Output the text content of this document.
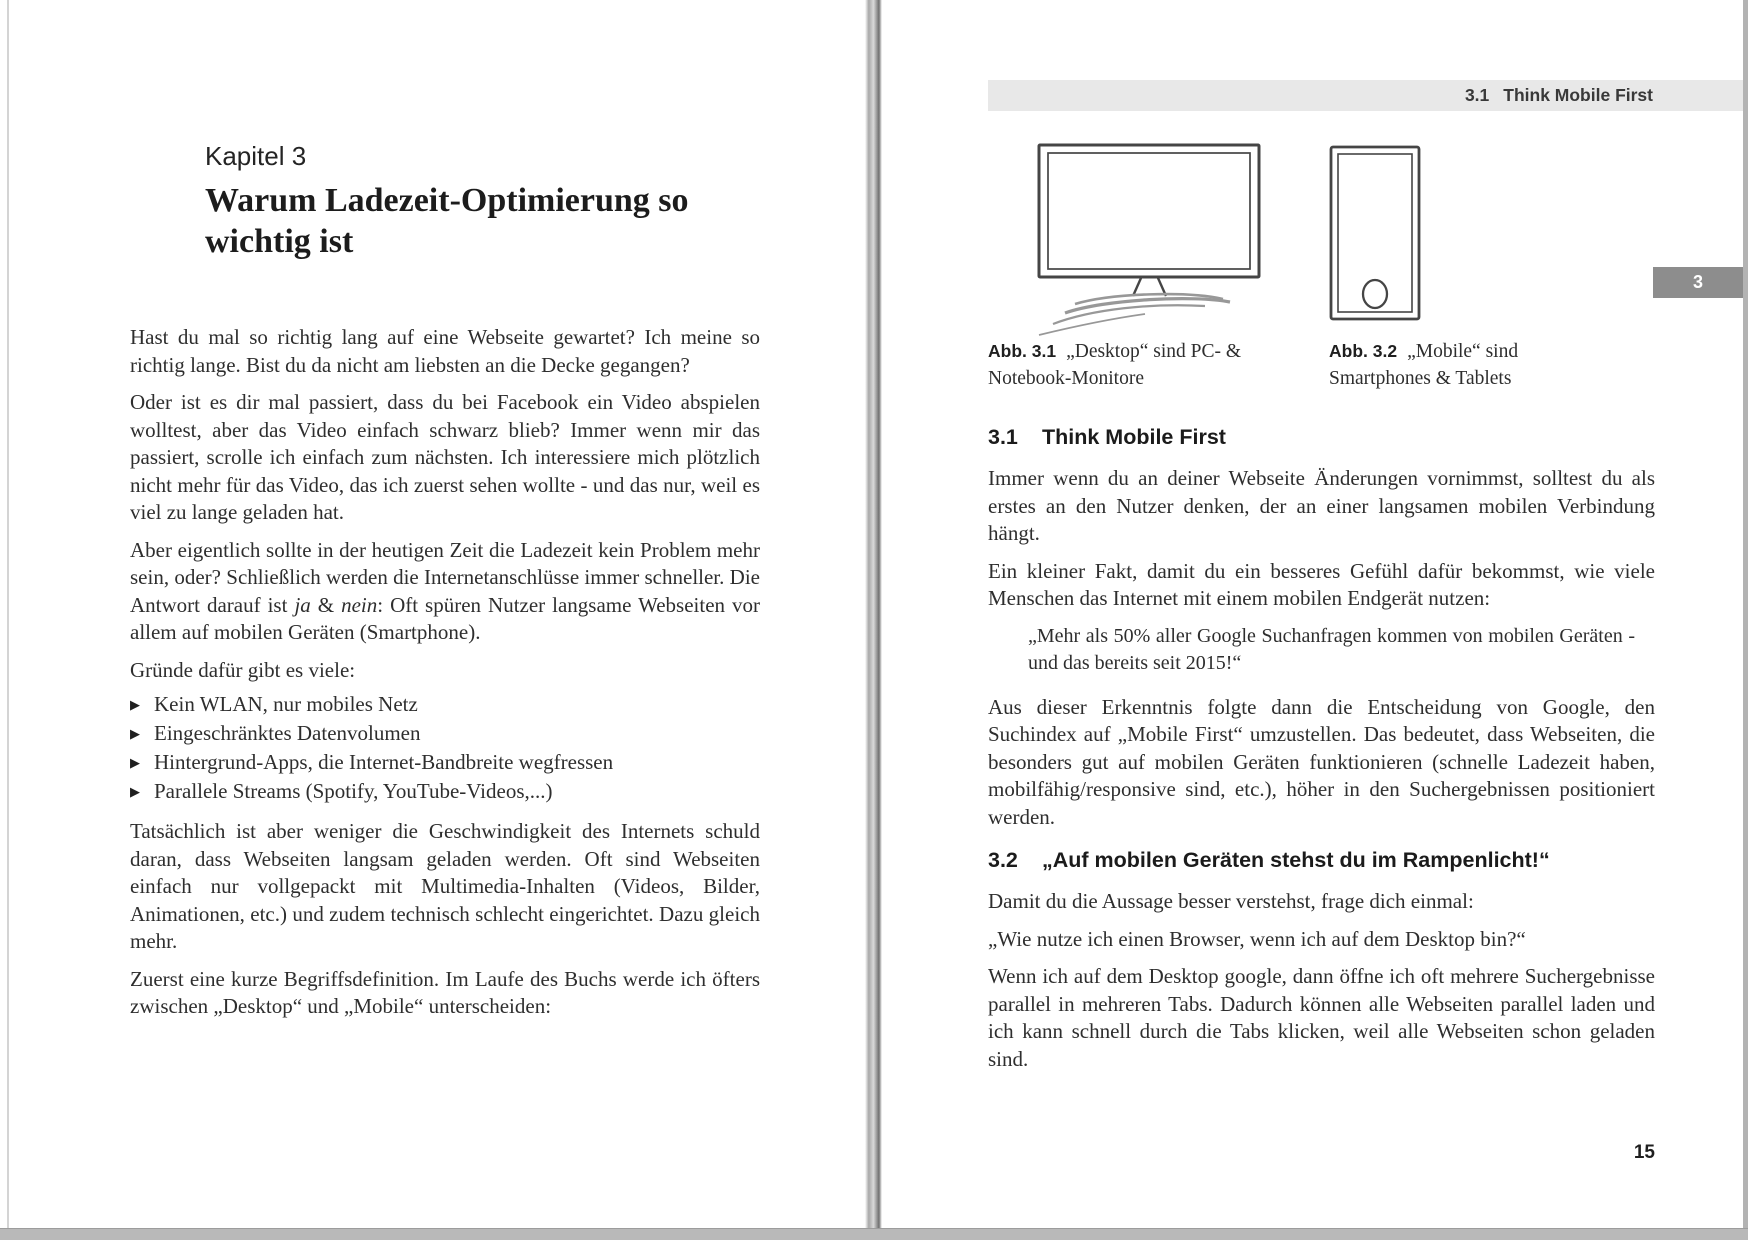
Kapitel 3

Warum Ladezeit-Optimierung so
wichtig ist

Hast du mal so richtig lang auf eine Webseite gewartet? Ich meine so richtig lange. Bist du da nicht am liebsten an die Decke gegangen?

Oder ist es dir mal passiert, dass du bei Facebook ein Video abspielen wolltest, aber das Video einfach schwarz blieb? Immer wenn mir das passiert, scrolle ich einfach zum nächsten. Ich interessiere mich plötzlich nicht mehr für das Video, das ich zuerst sehen wollte - und das nur, weil es viel zu lange geladen hat.

Aber eigentlich sollte in der heutigen Zeit die Ladezeit kein Problem mehr sein, oder? Schließlich werden die Internetanschlüsse immer schneller. Die Antwort darauf ist ja & nein: Oft spüren Nutzer langsame Webseiten vor allem auf mobilen Geräten (Smartphone).

Gründe dafür gibt es viele:

▶ Kein WLAN, nur mobiles Netz
▶ Eingeschränktes Datenvolumen
▶ Hintergrund-Apps, die Internet-Bandbreite wegfressen
▶ Parallele Streams (Spotify, YouTube-Videos,...)

Tatsächlich ist aber weniger die Geschwindigkeit des Internets schuld daran, dass Webseiten langsam geladen werden. Oft sind Webseiten einfach nur vollgepackt mit Multimedia-Inhalten (Videos, Bilder, Animationen, etc.) und zudem technisch schlecht eingerichtet. Dazu gleich mehr.

Zuerst eine kurze Begriffsdefinition. Im Laufe des Buchs werde ich öfters zwischen „Desktop“ und „Mobile“ unterscheiden:

3.1 Think Mobile First
3
Abb. 3.1 „Desktop“ sind PC- & Notebook-Monitore
Abb. 3.2 „Mobile“ sind Smartphones & Tablets
3.1	Think Mobile First

Immer wenn du an deiner Webseite Änderungen vornimmst, solltest du als erstes an den Nutzer denken, der an einer langsamen mobilen Verbindung hängt.

Ein kleiner Fakt, damit du ein besseres Gefühl dafür bekommst, wie viele Menschen das Internet mit einem mobilen Endgerät nutzen:

„Mehr als 50% aller Google Suchanfragen kommen von mobilen Geräten - und das bereits seit 2015!“

Aus dieser Erkenntnis folgte dann die Entscheidung von Google, den Suchindex auf „Mobile First“ umzustellen. Das bedeutet, dass Webseiten, die besonders gut auf mobilen Geräten funktionieren (schnelle Ladezeit haben, mobilfähig/responsive sind, etc.), höher in den Suchergebnissen positioniert werden.

3.2	„Auf mobilen Geräten stehst du im Rampenlicht!“

Damit du die Aussage besser verstehst, frage dich einmal:

„Wie nutze ich einen Browser, wenn ich auf dem Desktop bin?“

Wenn ich auf dem Desktop google, dann öffne ich oft mehrere Suchergebnisse parallel in mehreren Tabs. Dadurch können alle Webseiten parallel laden und ich kann schnell durch die Tabs klicken, weil alle Webseiten schon geladen sind.

15
